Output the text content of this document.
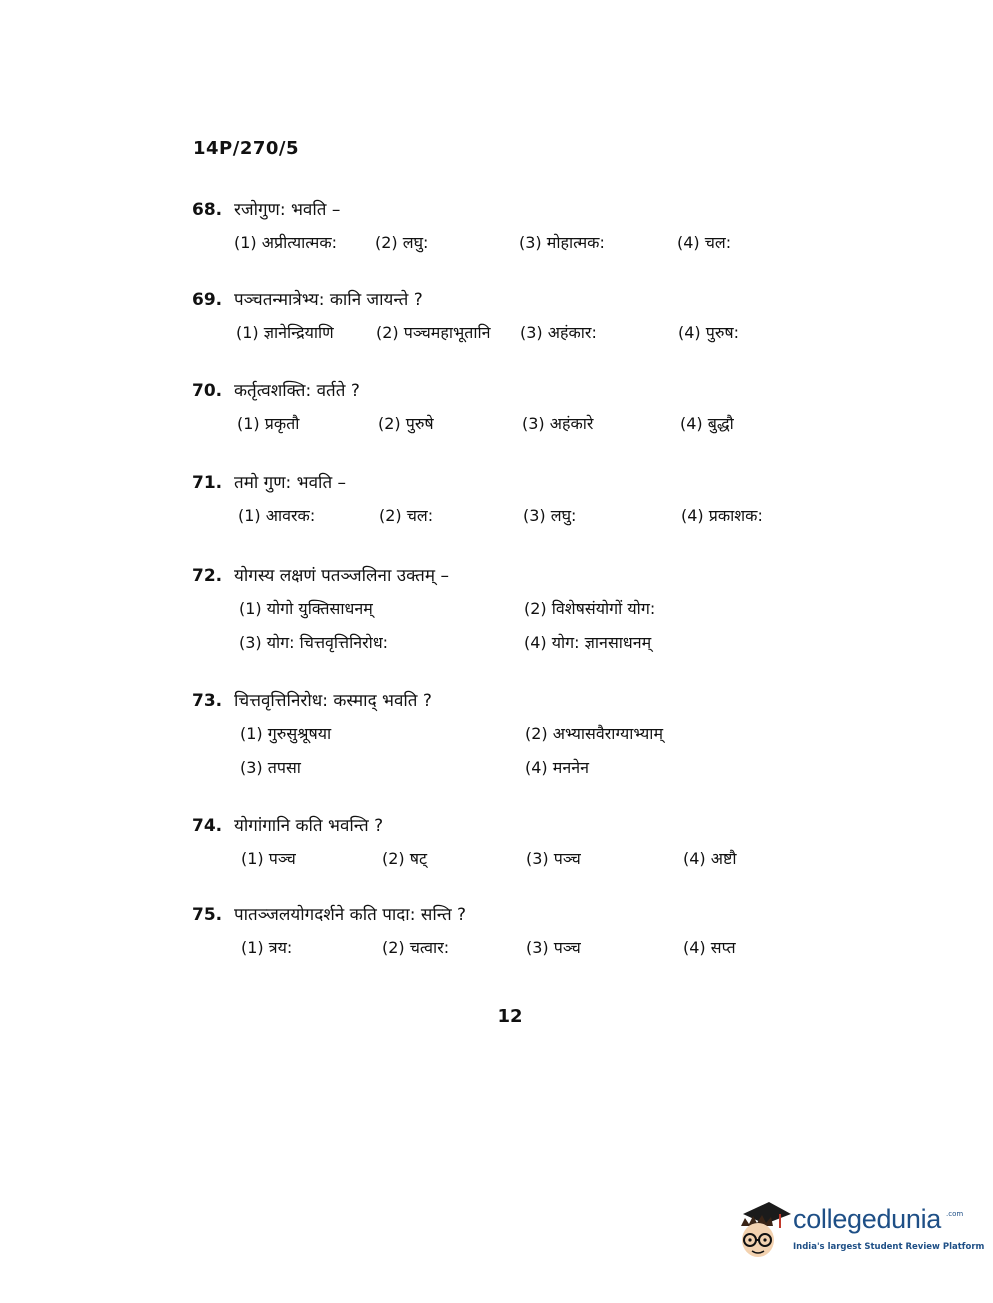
14P/270/5
68. रजोगुण: भवति –
(1) अप्रीत्यात्मक: (2) लघु:	(3) मोहात्मक:	(4) चल:
69. पञ्चतन्मात्रेभ्य: कानि जायन्ते ?
(1) ज्ञानेन्द्रियाणि	(2) पञ्चमहाभूतानि (3) अहंकार:	(4) पुरुष:
70. कर्तृत्वशक्ति: वर्तते ?
(1) प्रकृतौ	(2) पुरुषे	(3) अहंकारे	(4) बुद्धौ
71. तमो गुण: भवति –
(1) आवरक:	(2) चल:	(3) लघु:	(4) प्रकाशक:
72. योगस्य लक्षणं पतञ्जलिना उक्तम् –
(1) योगो युक्तिसाधनम्	(2) विशेषसंयोगों योग:
(3) योग: चित्तवृत्तिनिरोध:	(4) योग: ज्ञानसाधनम्
73. चित्तवृत्तिनिरोध: कस्माद् भवति ?
(1) गुरुसुश्रूषया	(2) अभ्यासवैराग्याभ्याम्
(3) तपसा	(4) मननेन
74. योगांगानि कति भवन्ति ?
(1) पञ्च	(2) षट्	(3) पञ्च	(4) अष्टौ
75. पातञ्जलयोगदर्शने कति पादा: सन्ति ?
(1) त्रय:	(2) चत्वार:	(3) पञ्च	(4) सप्त
12
collegedunia .com
India's largest Student Review Platform
